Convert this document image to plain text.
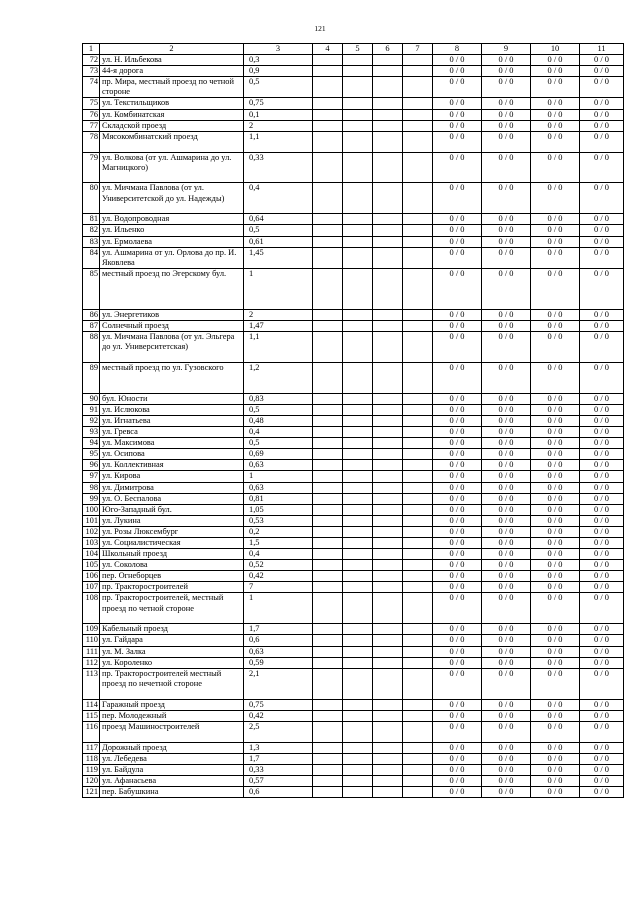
121
1	2	3	4	5	6	7	8	9	10	11
72	ул. Н. Ильбекова	0,3					0 / 0	0 / 0	0 / 0	0 / 0
73	44-я дорога	0,9					0 / 0	0 / 0	0 / 0	0 / 0
74	пр. Мира, местный проезд по четной стороне	0,5					0 / 0	0 / 0	0 / 0	0 / 0
75	ул. Текстильщиков	0,75					0 / 0	0 / 0	0 / 0	0 / 0
76	ул. Комбинатская	0,1					0 / 0	0 / 0	0 / 0	0 / 0
77	Складской проезд	2					0 / 0	0 / 0	0 / 0	0 / 0
78	Мясокомбинатский проезд	1,1					0 / 0	0 / 0	0 / 0	0 / 0
79	ул. Волкова (от ул. Ашмарина до ул. Магницкого)	0,33					0 / 0	0 / 0	0 / 0	0 / 0
80	ул. Мичмана Павлова (от ул. Университетской до ул. Надежды)	0,4					0 / 0	0 / 0	0 / 0	0 / 0
81	ул. Водопроводная	0,64					0 / 0	0 / 0	0 / 0	0 / 0
82	ул. Ильенко	0,5					0 / 0	0 / 0	0 / 0	0 / 0
83	ул. Ермолаева	0,61					0 / 0	0 / 0	0 / 0	0 / 0
84	ул. Ашмарина от ул. Орлова до пр. И. Яковлева	1,45					0 / 0	0 / 0	0 / 0	0 / 0
85	местный проезд по Эгерскому бул.	1					0 / 0	0 / 0	0 / 0	0 / 0
86	ул. Энергетиков	2					0 / 0	0 / 0	0 / 0	0 / 0
87	Солнечный проезд	1,47					0 / 0	0 / 0	0 / 0	0 / 0
88	ул. Мичмана Павлова (от ул. Эльгера до ул. Университетская)	1,1					0 / 0	0 / 0	0 / 0	0 / 0
89	местный проезд по ул. Гузовского	1,2					0 / 0	0 / 0	0 / 0	0 / 0
90	бул. Юности	0,83					0 / 0	0 / 0	0 / 0	0 / 0
91	ул. Ислюкова	0,5					0 / 0	0 / 0	0 / 0	0 / 0
92	ул. Игнатьева	0,48					0 / 0	0 / 0	0 / 0	0 / 0
93	ул. Гревса	0,4					0 / 0	0 / 0	0 / 0	0 / 0
94	ул. Максимова	0,5					0 / 0	0 / 0	0 / 0	0 / 0
95	ул. Осипова	0,69					0 / 0	0 / 0	0 / 0	0 / 0
96	ул. Коллективная	0,63					0 / 0	0 / 0	0 / 0	0 / 0
97	ул. Кирова	1					0 / 0	0 / 0	0 / 0	0 / 0
98	ул. Димитрова	0,63					0 / 0	0 / 0	0 / 0	0 / 0
99	ул. О. Беспалова	0,81					0 / 0	0 / 0	0 / 0	0 / 0
100	Юго-Западный бул.	1,05					0 / 0	0 / 0	0 / 0	0 / 0
101	ул. Лукина	0,53					0 / 0	0 / 0	0 / 0	0 / 0
102	ул. Розы Люксембург	0,2					0 / 0	0 / 0	0 / 0	0 / 0
103	ул. Социалистическая	1,5					0 / 0	0 / 0	0 / 0	0 / 0
104	Школьный проезд	0,4					0 / 0	0 / 0	0 / 0	0 / 0
105	ул. Соколова	0,52					0 / 0	0 / 0	0 / 0	0 / 0
106	пер. Огнеборцев	0,42					0 / 0	0 / 0	0 / 0	0 / 0
107	пр. Тракторостроителей	7					0 / 0	0 / 0	0 / 0	0 / 0
108	пр. Тракторостроителей, местный проезд по четной стороне	1					0 / 0	0 / 0	0 / 0	0 / 0
109	Кабельный проезд	1,7					0 / 0	0 / 0	0 / 0	0 / 0
110	ул. Гайдара	0,6					0 / 0	0 / 0	0 / 0	0 / 0
111	ул. М. Залка	0,63					0 / 0	0 / 0	0 / 0	0 / 0
112	ул. Короленко	0,59					0 / 0	0 / 0	0 / 0	0 / 0
113	пр. Тракторостроителей местный проезд по нечетной стороне	2,1					0 / 0	0 / 0	0 / 0	0 / 0
114	Гаражный проезд	0,75					0 / 0	0 / 0	0 / 0	0 / 0
115	пер. Молодежный	0,42					0 / 0	0 / 0	0 / 0	0 / 0
116	проезд Машиностроителей	2,5					0 / 0	0 / 0	0 / 0	0 / 0
117	Дорожный проезд	1,3					0 / 0	0 / 0	0 / 0	0 / 0
118	ул. Лебедева	1,7					0 / 0	0 / 0	0 / 0	0 / 0
119	ул. Байдула	0,33					0 / 0	0 / 0	0 / 0	0 / 0
120	ул. Афанасьева	0,57					0 / 0	0 / 0	0 / 0	0 / 0
121	пер. Бабушкина	0,6					0 / 0	0 / 0	0 / 0	0 / 0
